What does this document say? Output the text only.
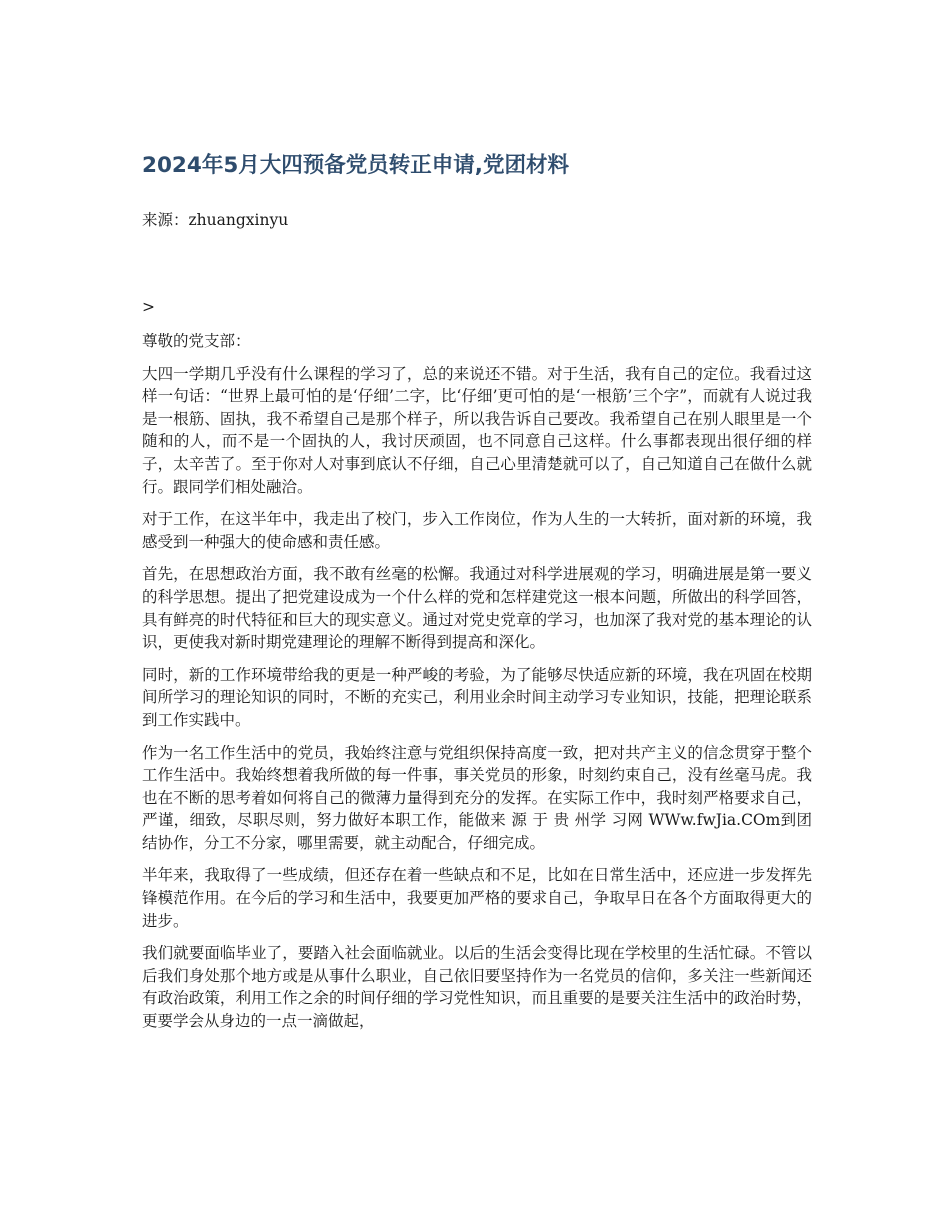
2024年5月大四预备党员转正申请,党团材料

来源：zhuangxinyu

>

尊敬的党支部：

大四一学期几乎没有什么课程的学习了，总的来说还不错。对于生活，我有自己的定位。我看过这样一句话：“世界上最可怕的是‘仔细’二字，比‘仔细’更可怕的是‘一根筋’三个字”，而就有人说过我是一根筋、固执，我不希望自己是那个样子，所以我告诉自己要改。我希望自己在别人眼里是一个随和的人，而不是一个固执的人，我讨厌顽固，也不同意自己这样。什么事都表现出很仔细的样子，太辛苦了。至于你对人对事到底认不仔细，自己心里清楚就可以了，自己知道自己在做什么就行。跟同学们相处融洽。

对于工作，在这半年中，我走出了校门，步入工作岗位，作为人生的一大转折，面对新的环境，我感受到一种强大的使命感和责任感。

首先，在思想政治方面，我不敢有丝毫的松懈。我通过对科学进展观的学习，明确进展是第一要义的科学思想。提出了把党建设成为一个什么样的党和怎样建党这一根本问题，所做出的科学回答，具有鲜亮的时代特征和巨大的现实意义。通过对党史党章的学习，也加深了我对党的基本理论的认识，更使我对新时期党建理论的理解不断得到提高和深化。

同时，新的工作环境带给我的更是一种严峻的考验，为了能够尽快适应新的环境，我在巩固在校期间所学习的理论知识的同时，不断的充实己，利用业余时间主动学习专业知识，技能，把理论联系到工作实践中。

作为一名工作生活中的党员，我始终注意与党组织保持高度一致，把对共产主义的信念贯穿于整个工作生活中。我始终想着我所做的每一件事，事关党员的形象，时刻约束自己，没有丝毫马虎。我也在不断的思考着如何将自己的微薄力量得到充分的发挥。在实际工作中，我时刻严格要求自己，严谨，细致，尽职尽则，努力做好本职工作，能做来 源 于 贵 州学 习网 WWw.fwJia.COm到团结协作，分工不分家，哪里需要，就主动配合，仔细完成。

半年来，我取得了一些成绩，但还存在着一些缺点和不足，比如在日常生活中，还应进一步发挥先锋模范作用。在今后的学习和生活中，我要更加严格的要求自己，争取早日在各个方面取得更大的进步。

我们就要面临毕业了，要踏入社会面临就业。以后的生活会变得比现在学校里的生活忙碌。不管以后我们身处那个地方或是从事什么职业，自己依旧要坚持作为一名党员的信仰，多关注一些新闻还有政治政策，利用工作之余的时间仔细的学习党性知识，而且重要的是要关注生活中的政治时势，更要学会从身边的一点一滴做起，
